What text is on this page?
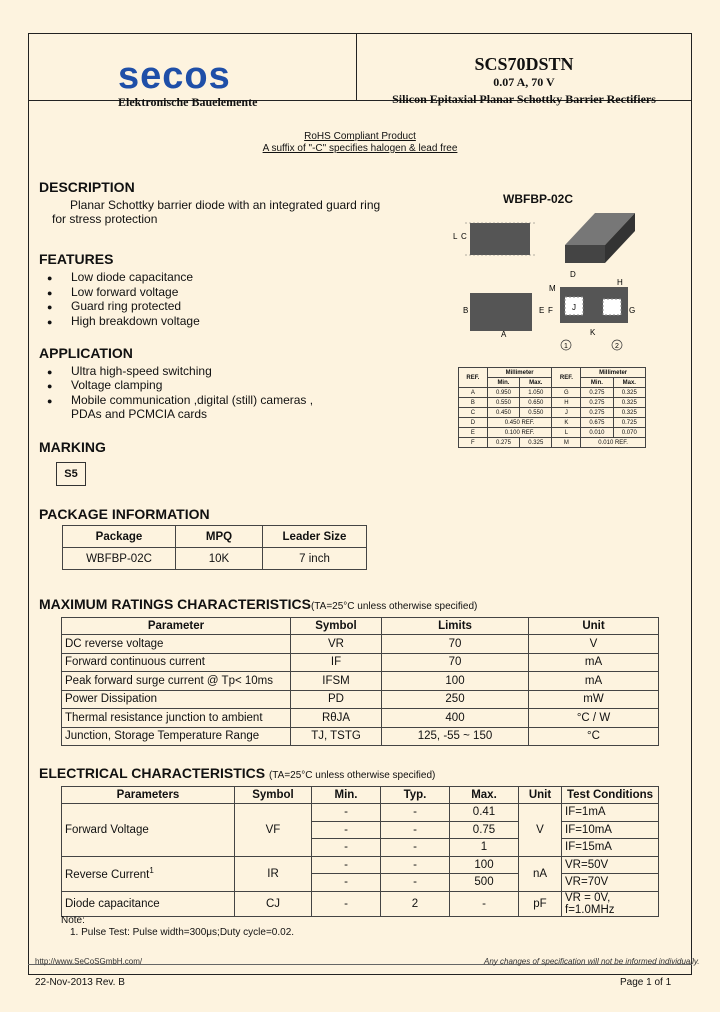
secos
Elektronische Bauelemente
SCS70DSTN
0.07 A, 70 V
Silicon Epitaxial Planar Schottky Barrier Rectifiers
RoHS Compliant Product
A suffix of "-C" specifies halogen & lead free
DESCRIPTION
Planar Schottky barrier diode with an integrated guard ring
for stress protection
FEATURES
● Low diode capacitance
● Low forward voltage
● Guard ring protected
● High breakdown voltage
APPLICATION
● Ultra high-speed switching
● Voltage clamping
● Mobile communication ,digital (still) cameras ,
PDAs and PCMCIA cards
MARKING
S5
PACKAGE INFORMATION
Package	MPQ	Leader Size
WBFBP-02C	10K	7 inch
WBFBP-02C
L C
B
A
D
M
E F J
H
G
K
1	2
REF.	Millimeter		REF.	Millimeter	
	Min.	Max.		Min.	Max.
A	0.950	1.050	G	0.275	0.325
B	0.550	0.650	H	0.275	0.325
C	0.450	0.550	J	0.275	0.325
D	0.450 REF.		K	0.675	0.725
E	0.100 REF.		L	0.010	0.070
F	0.275	0.325	M	0.010 REF.	
MAXIMUM RATINGS CHARACTERISTICS(TA=25°C unless otherwise specified)
Parameter	Symbol	Limits	Unit
DC reverse voltage	VR	70	V
Forward continuous current	IF	70	mA
Peak forward surge current @ Tp< 10ms	IFSM	100	mA
Power Dissipation	PD	250	mW
Thermal resistance junction to ambient	RθJA	400	°C / W
Junction, Storage Temperature Range	TJ, TSTG	125, -55 ~ 150	°C
ELECTRICAL CHARACTERISTICS (TA=25°C unless otherwise specified)
Parameters	Symbol	Min.	Typ.	Max.	Unit	Test Conditions
Forward Voltage	VF	-	-	0.41	V	IF=1mA
		-	-	0.75		IF=10mA
		-	-	1		IF=15mA
Reverse Current$^1$	IR	-	-	100	nA	VR=50V
		-	-	500		VR=70V
Diode capacitance	CJ	-	2	-	pF	VR = 0V, f=1.0MHz
Note:
1. Pulse Test: Pulse width=300μs;Duty cycle=0.02.
http://www.SeCoSGmbH.com/	Any changes of specification will not be informed individually.
22-Nov-2013 Rev. B	Page 1 of 1
